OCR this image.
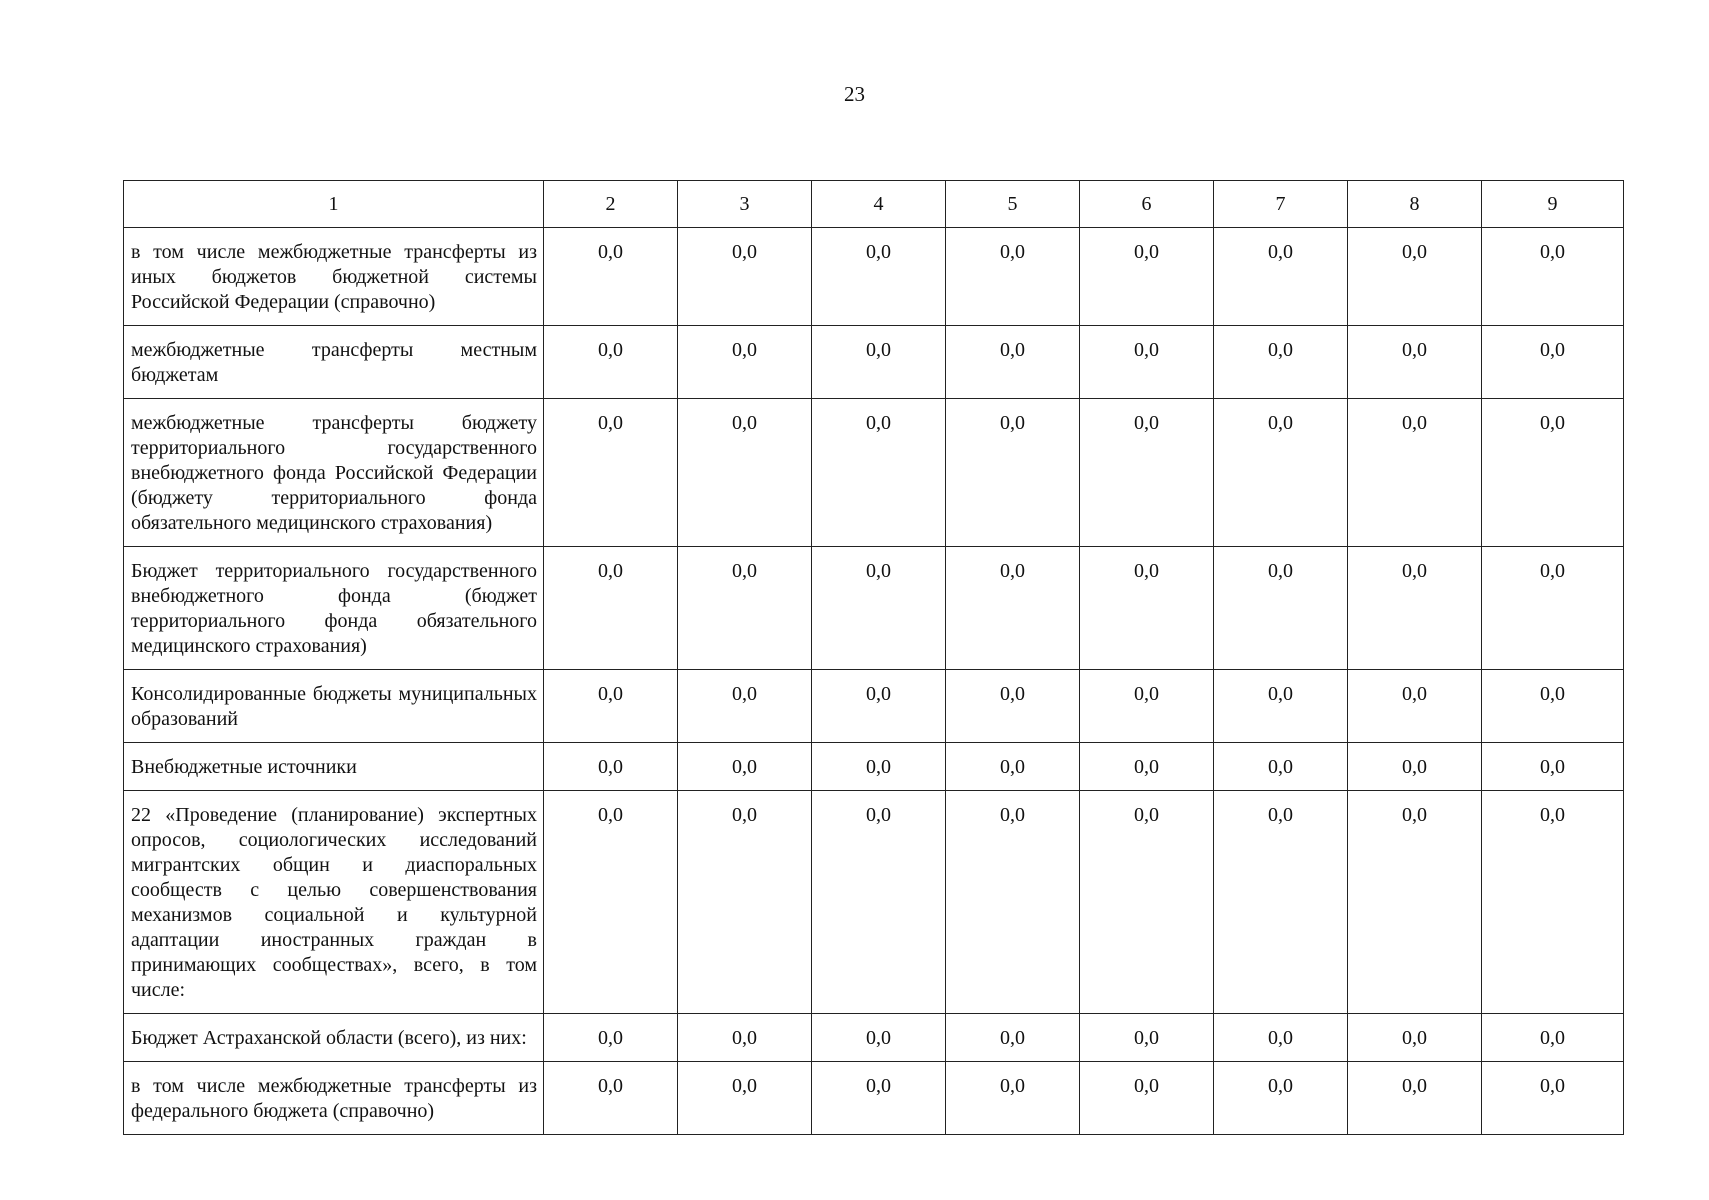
23
1	2	3	4	5	6	7	8	9
в том числе межбюджетные трансферты из иных бюджетов бюджетной системы Российской Федерации (справочно)	0,0	0,0	0,0	0,0	0,0	0,0	0,0	0,0
межбюджетные трансферты местным бюджетам	0,0	0,0	0,0	0,0	0,0	0,0	0,0	0,0
межбюджетные трансферты бюджету территориального государственного внебюджетного фонда Российской Федерации (бюджету территориального фонда обязательного медицинского страхования)	0,0	0,0	0,0	0,0	0,0	0,0	0,0	0,0
Бюджет территориального государственного внебюджетного фонда (бюджет территориального фонда обязательного медицинского страхования)	0,0	0,0	0,0	0,0	0,0	0,0	0,0	0,0
Консолидированные бюджеты муниципальных образований	0,0	0,0	0,0	0,0	0,0	0,0	0,0	0,0
Внебюджетные источники	0,0	0,0	0,0	0,0	0,0	0,0	0,0	0,0
22 «Проведение (планирование) экспертных опросов, социологических исследований мигрантских общин и диаспоральных сообществ с целью совершенствования механизмов социальной и культурной адаптации иностранных граждан в принимающих сообществах», всего, в том числе:	0,0	0,0	0,0	0,0	0,0	0,0	0,0	0,0
Бюджет Астраханской области (всего), из них:	0,0	0,0	0,0	0,0	0,0	0,0	0,0	0,0
в том числе межбюджетные трансферты из федерального бюджета (справочно)	0,0	0,0	0,0	0,0	0,0	0,0	0,0	0,0
